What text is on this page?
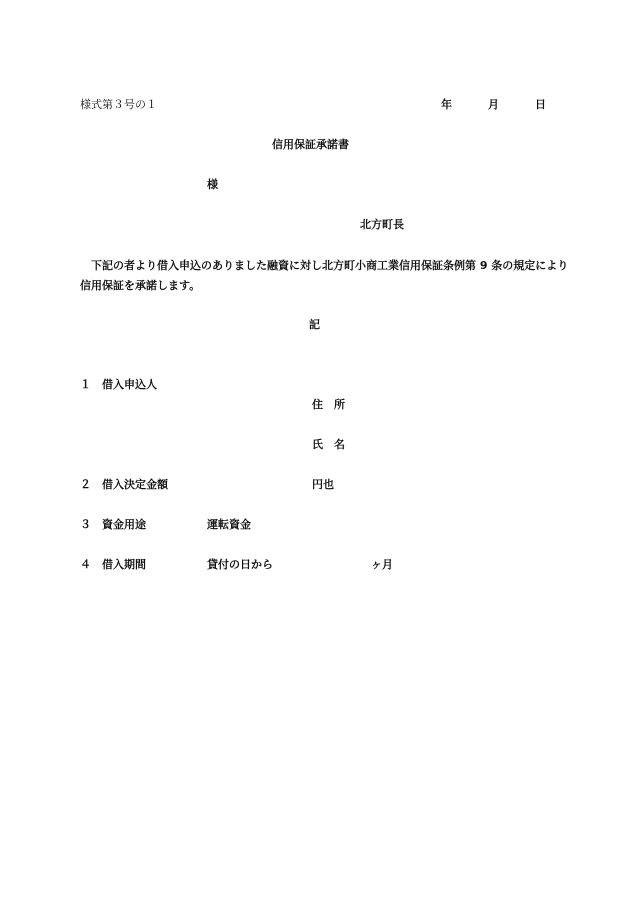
様式第３号の１	年	月	日
信用保証承諾書
様
北方町長
下記の者より借入申込のありました融資に対し北方町小商工業信用保証条例第 9 条の規定により信用保証を承諾します。
記
１ 借入申込人
住　所
氏　名
２ 借入決定金額	円也
３ 資金用途	運転資金
４ 借入期間	貸付の日から	ヶ月
